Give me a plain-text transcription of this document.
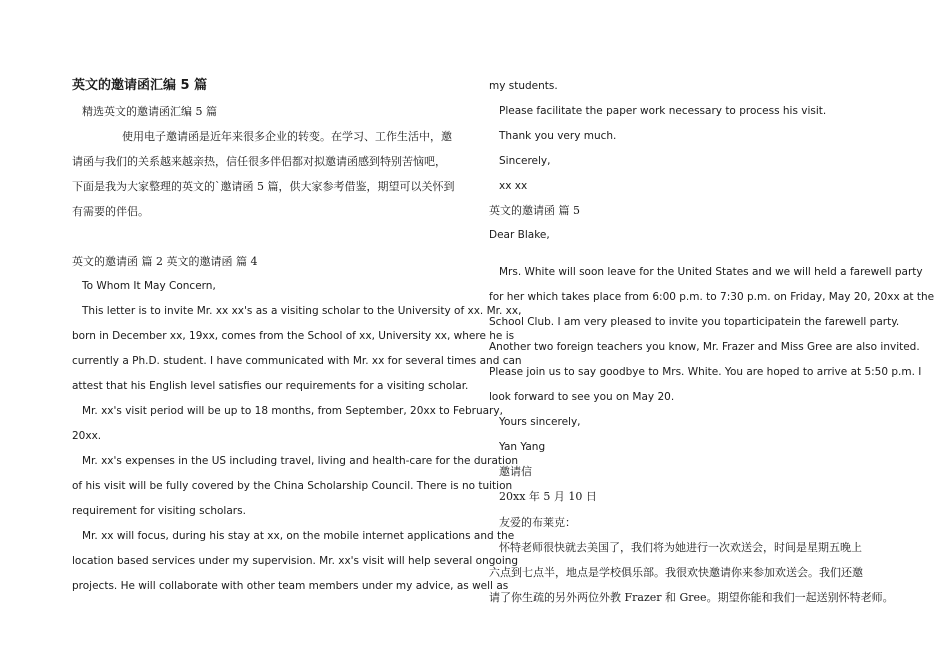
英文的邀请函汇编 5 篇
精选英文的邀请函汇编 5 篇
使用电子邀请函是近年来很多企业的转变。在学习、工作生活中，邀
请函与我们的关系越来越亲热，信任很多伴侣都对拟邀请函感到特别苦恼吧，
下面是我为大家整理的英文的`邀请函 5 篇，供大家参考借鉴，期望可以关怀到
有需要的伴侣。
英文的邀请函 篇 2 英文的邀请函 篇 4
To Whom It May Concern,
This letter is to invite Mr. xx xx's as a visiting scholar to the University of xx. Mr. xx,
born in December xx, 19xx, comes from the School of xx, University xx, where he is
currently a Ph.D. student. I have communicated with Mr. xx for several times and can
attest that his English level satisfies our requirements for a visiting scholar.
Mr. xx's visit period will be up to 18 months, from September, 20xx to February,
20xx.
Mr. xx's expenses in the US including travel, living and health-care for the duration
of his visit will be fully covered by the China Scholarship Council. There is no tuition
requirement for visiting scholars.
Mr. xx will focus, during his stay at xx, on the mobile internet applications and the
location based services under my supervision. Mr. xx's visit will help several ongoing
projects. He will collaborate with other team members under my advice, as well as
my students.
Please facilitate the paper work necessary to process his visit.
Thank you very much.
Sincerely,
xx xx
英文的邀请函 篇 5
Dear Blake,
Mrs. White will soon leave for the United States and we will held a farewell party
for her which takes place from 6:00 p.m. to 7:30 p.m. on Friday, May 20, 20xx at the
School Club. I am very pleased to invite you toparticipatein the farewell party.
Another two foreign teachers you know, Mr. Frazer and Miss Gree are also invited.
Please join us to say goodbye to Mrs. White. You are hoped to arrive at 5:50 p.m. I
look forward to see you on May 20.
Yours sincerely,
Yan Yang
邀请信
20xx 年 5 月 10 日
友爱的布莱克：
怀特老师很快就去美国了，我们将为她进行一次欢送会，时间是星期五晚上
六点到七点半，地点是学校俱乐部。我很欢快邀请你来参加欢送会。我们还邀
请了你生疏的另外两位外教 Frazer 和 Gree。期望你能和我们一起送别怀特老师。
